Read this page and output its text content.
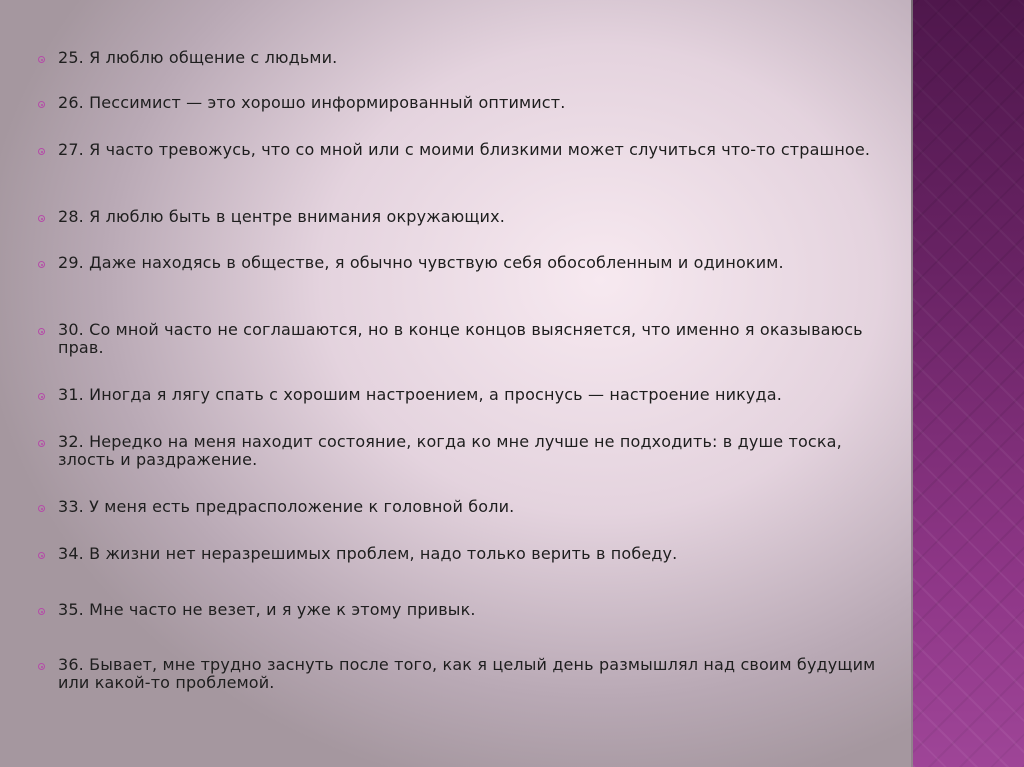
25. Я люблю общение с людьми.
26. Пессимист — это хорошо информированный оптимист.
27. Я часто тревожусь, что со мной или с моими близкими может случиться что-то страшное.
28. Я люблю быть в центре внимания окружающих.
29. Даже находясь в обществе, я обычно чувствую себя обособленным и одиноким.
30. Со мной часто не соглашаются, но в конце концов выясняется, что именно я оказываюсь прав.
31. Иногда я лягу спать с хорошим настроением, а проснусь — настроение никуда.
32. Нередко на меня находит состояние, когда ко мне лучше не подходить: в душе тоска, злость и раздражение.
33. У меня есть предрасположение к головной боли.
34. В жизни нет неразрешимых проблем, надо только верить в победу.
35. Мне часто не везет, и я уже к этому привык.
36. Бывает, мне трудно заснуть после того, как я целый день размышлял над своим будущим или какой-то проблемой.
